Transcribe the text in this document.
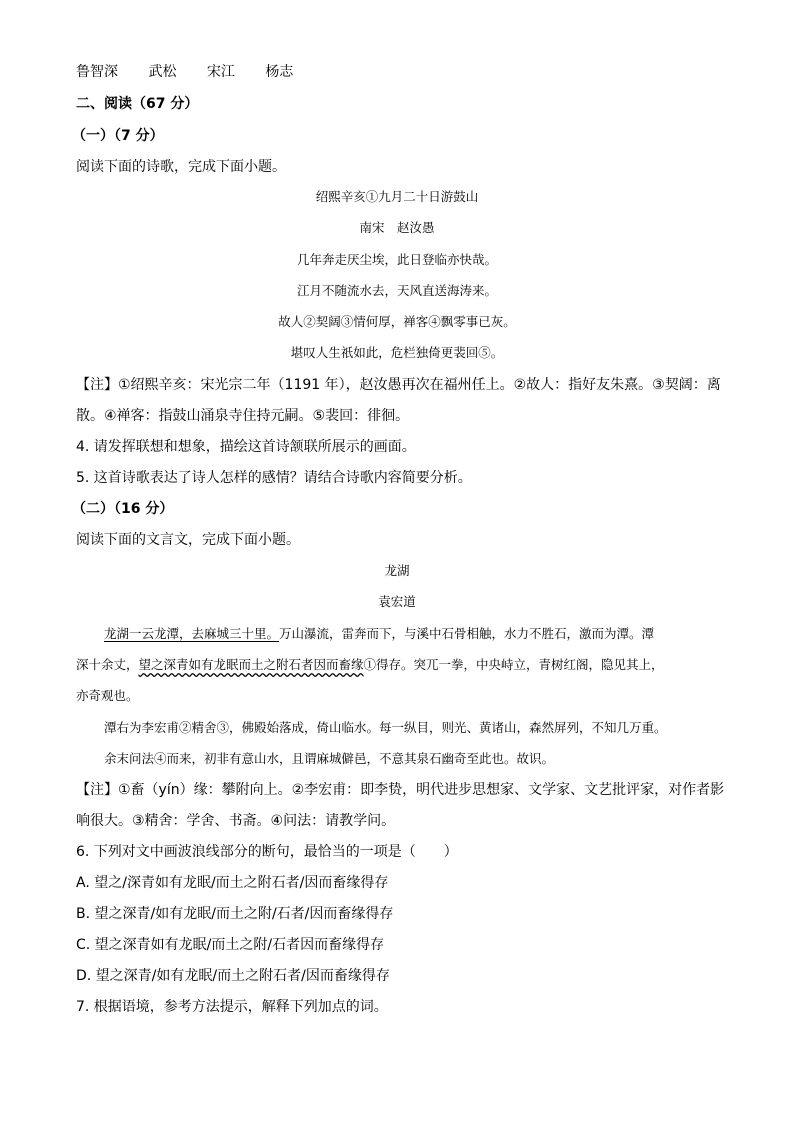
鲁智深 武松 宋江 杨志
二、阅读（67 分）
（一）（7 分）
阅读下面的诗歌，完成下面小题。
绍熙辛亥①九月二十日游鼓山
南宋　赵汝愚
几年奔走厌尘埃，此日登临亦快哉。
江月不随流水去，天风直送海涛来。
故人②契阔③情何厚，禅客④飘零事已灰。
堪叹人生祇如此，危栏独倚更裴回⑤。
【注】①绍熙辛亥：宋光宗二年（1191 年），赵汝愚再次在福州任上。②故人：指好友朱熹。③契阔：离
散。④禅客：指鼓山涌泉寺住持元嗣。⑤裴回：徘徊。
4. 请发挥联想和想象，描绘这首诗颔联所展示的画面。
5. 这首诗歌表达了诗人怎样的感情？请结合诗歌内容简要分析。
（二）（16 分）
阅读下面的文言文，完成下面小题。
龙湖
袁宏道
龙湖一云龙潭，去麻城三十里。万山瀑流，雷奔而下，与溪中石骨相触，水力不胜石，激而为潭。潭
深十余丈，望之深青如有龙眠而土之附石者因而畜缘①得存。突兀一拳，中央峙立，青树红阁，隐见其上，
亦奇观也。
潭右为李宏甫②精舍③，佛殿始落成，倚山临水。每一纵目，则光、黄诸山，森然屏列，不知几万重。
余末问法④而来，初非有意山水，且谓麻城僻邑，不意其泉石幽奇至此也。故识。
【注】①畜（yín）缘：攀附向上。②李宏甫：即李贽，明代进步思想家、文学家、文艺批评家，对作者影
响很大。③精舍：学舍、书斋。④问法：请教学问。
6. 下列对文中画波浪线部分的断句，最恰当的一项是（　　）
A. 望之/深青如有龙眠/而土之附石者/因而畜缘得存
B. 望之深青/如有龙眠/而土之附/石者/因而畜缘得存
C. 望之深青如有龙眠/而土之附/石者因而畜缘得存
D. 望之深青/如有龙眠/而土之附石者/因而畜缘得存
7. 根据语境，参考方法提示，解释下列加点的词。
